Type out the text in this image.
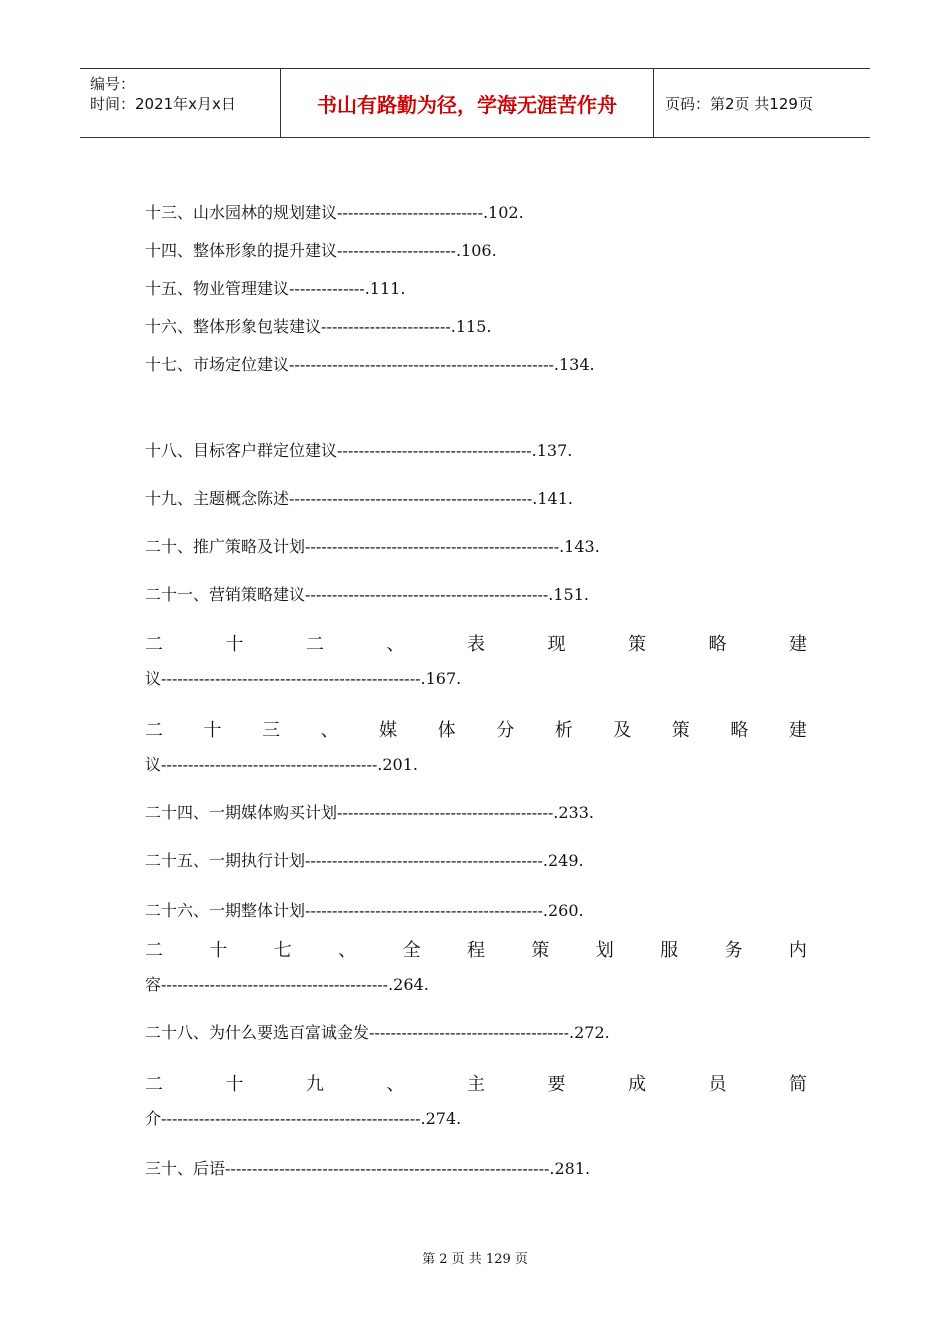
编号：
时间：2021年x月x日	书山有路勤为径，学海无涯苦作舟	页码：第2页 共129页
十三、山水园林的规划建议---------------------------.102.
十四、整体形象的提升建议----------------------.106.
十五、物业管理建议--------------.111.
十六、整体形象包装建议------------------------.115.
十七、市场定位建议-------------------------------------------------.134.
十八、目标客户群定位建议------------------------------------.137.
十九、主题概念陈述---------------------------------------------.141.
二十、推广策略及计划-----------------------------------------------.143.
二十一、营销策略建议---------------------------------------------.151.
二	十	二	、	表	现	策	略	建
议------------------------------------------------.167.
二 十 三 、 媒 体 分 析 及 策 略 建
议----------------------------------------.201.
二十四、一期媒体购买计划----------------------------------------.233.
二十五、一期执行计划--------------------------------------------.249.
二十六、一期整体计划--------------------------------------------.260.
二	十	七	、	全	程	策	划	服	务	内
容------------------------------------------.264.
二十八、为什么要选百富诚金发-------------------------------------.272.
二	十	九	、	主	要	成	员	简
介------------------------------------------------.274.
三十、后语------------------------------------------------------------.281.
第 2 页 共 129 页
